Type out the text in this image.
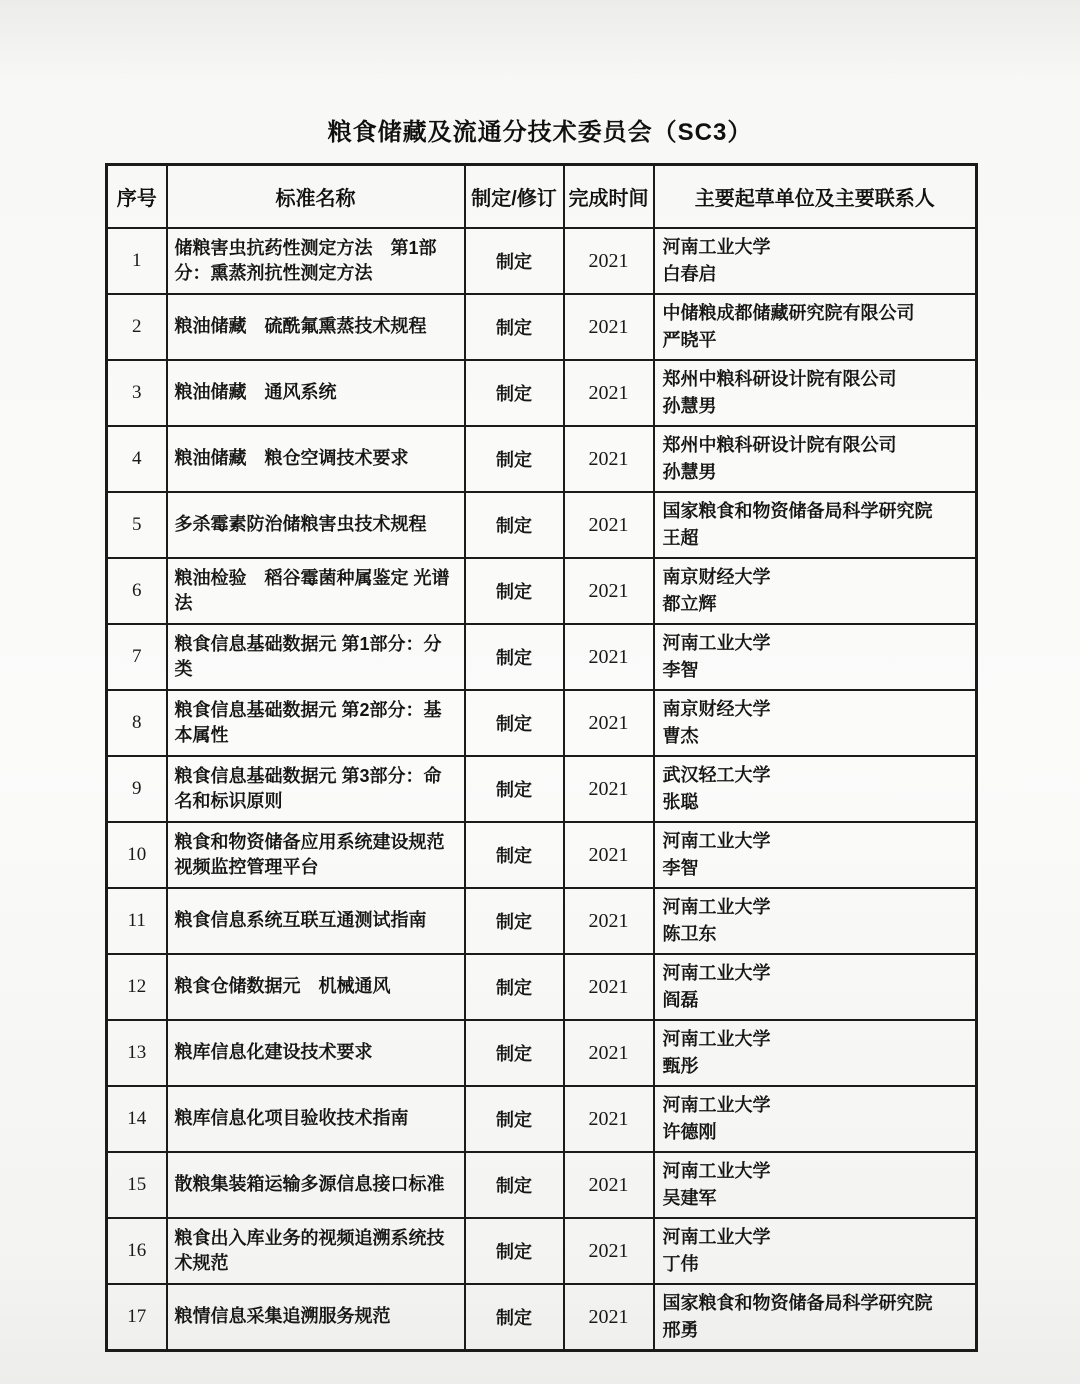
粮食储藏及流通分技术委员会（SC3）
序号	标准名称	制定/修订	完成时间	主要起草单位及主要联系人
1	储粮害虫抗药性测定方法　第1部分：熏蒸剂抗性测定方法	制定	2021	河南工业大学
白春启

2	粮油储藏　硫酰氟熏蒸技术规程	制定	2021	中储粮成都储藏研究院有限公司
严晓平

3	粮油储藏　通风系统	制定	2021	郑州中粮科研设计院有限公司
孙慧男

4	粮油储藏　粮仓空调技术要求	制定	2021	郑州中粮科研设计院有限公司
孙慧男

5	多杀霉素防治储粮害虫技术规程	制定	2021	国家粮食和物资储备局科学研究院
王超

6	粮油检验　稻谷霉菌种属鉴定 光谱法	制定	2021	南京财经大学
都立辉

7	粮食信息基础数据元 第1部分：分类	制定	2021	河南工业大学
李智

8	粮食信息基础数据元 第2部分：基本属性	制定	2021	南京财经大学
曹杰

9	粮食信息基础数据元 第3部分：命名和标识原则	制定	2021	武汉轻工大学
张聪

10	粮食和物资储备应用系统建设规范 视频监控管理平台	制定	2021	河南工业大学
李智

11	粮食信息系统互联互通测试指南	制定	2021	河南工业大学
陈卫东

12	粮食仓储数据元　机械通风	制定	2021	河南工业大学
阎磊

13	粮库信息化建设技术要求	制定	2021	河南工业大学
甄彤

14	粮库信息化项目验收技术指南	制定	2021	河南工业大学
许德刚

15	散粮集装箱运输多源信息接口标准	制定	2021	河南工业大学
吴建军

16	粮食出入库业务的视频追溯系统技术规范	制定	2021	河南工业大学
丁伟

17	粮情信息采集追溯服务规范	制定	2021	国家粮食和物资储备局科学研究院
邢勇
